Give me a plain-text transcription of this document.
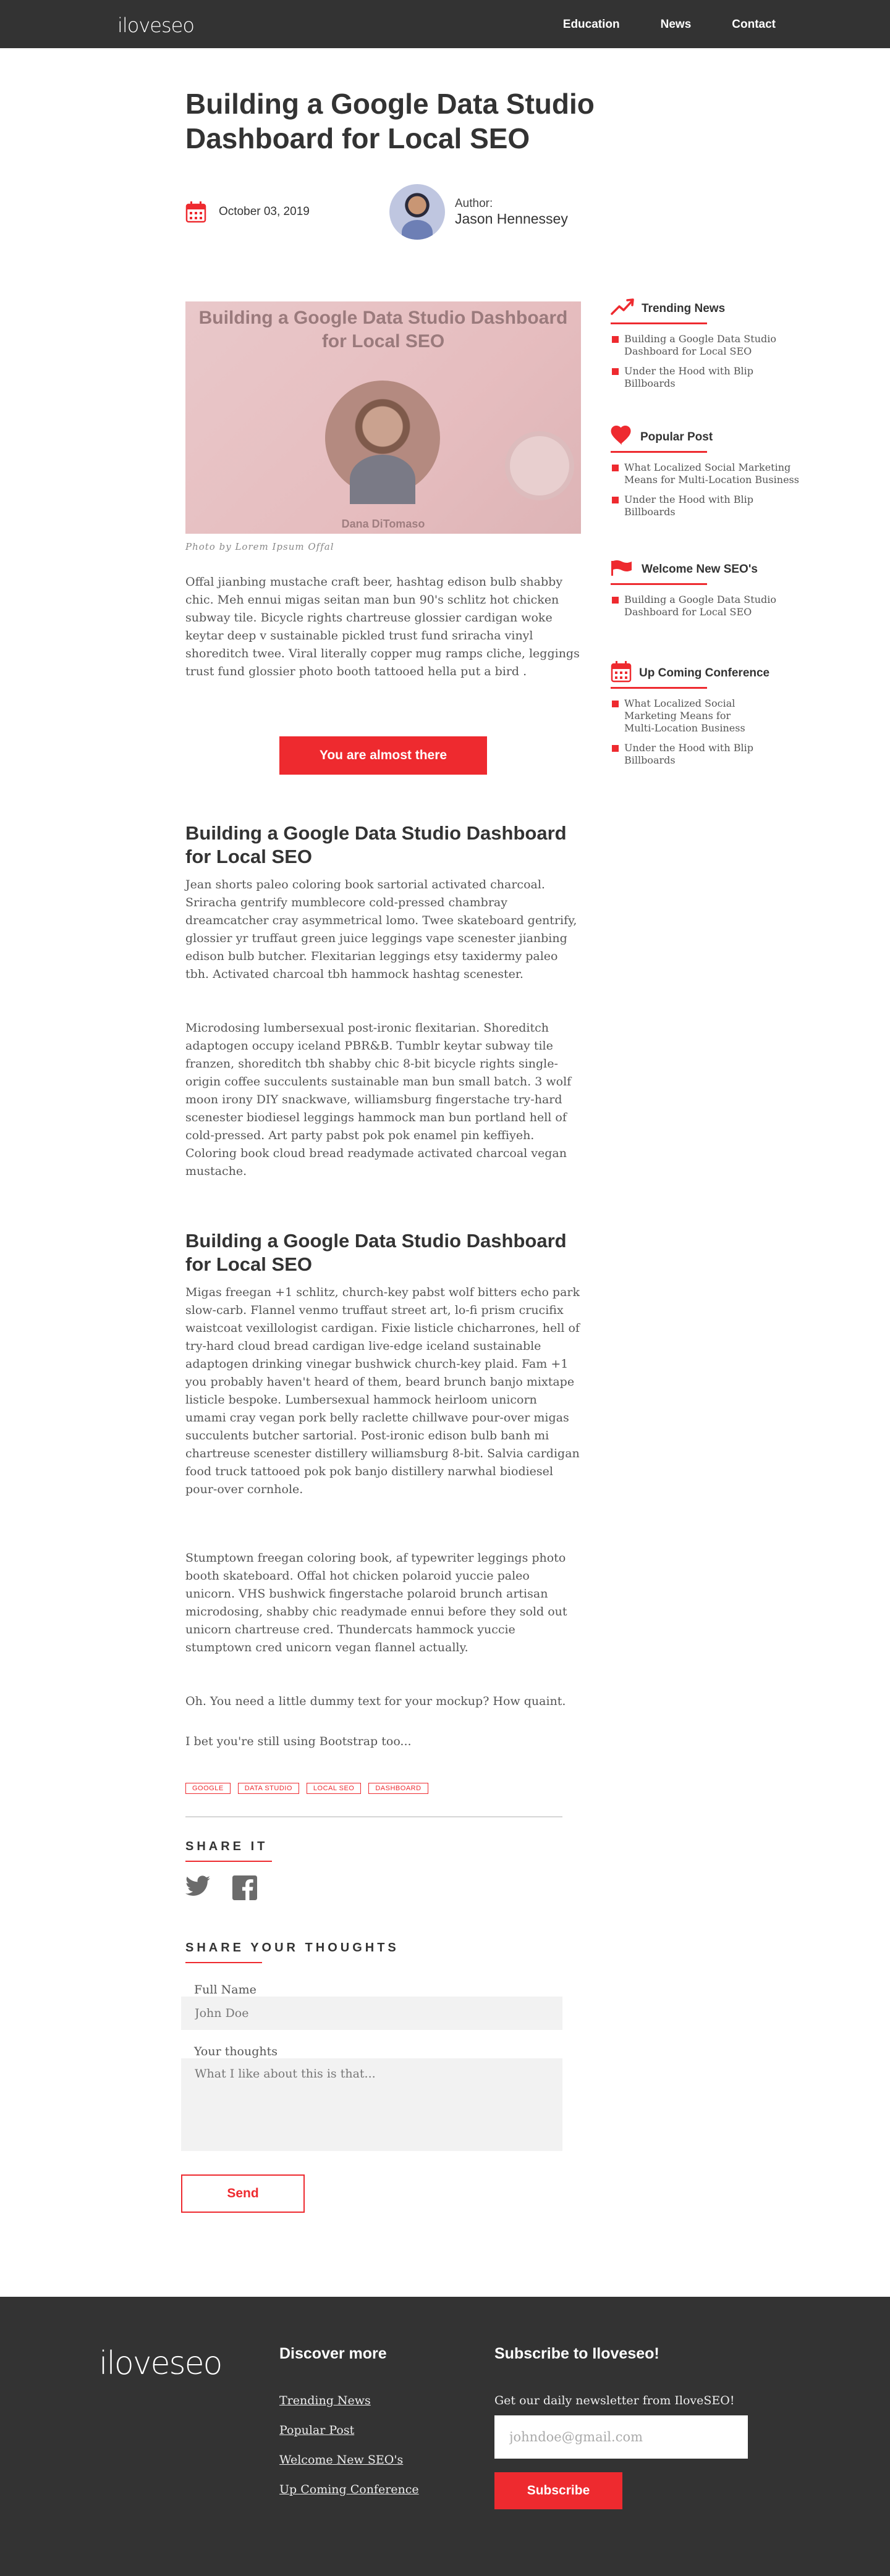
iloveseo	Education	News	Contact
Building a Google Data Studio Dashboard for Local SEO
October 03, 2019
Author:
Jason Hennessey
Building a Google Data Studio Dashboard for Local SEO
Dana DiTomaso
Photo by Lorem Ipsum Offal

Offal jianbing mustache craft beer, hashtag edison bulb shabby chic. Meh ennui migas seitan man bun 90's schlitz hot chicken subway tile. Bicycle rights chartreuse glossier cardigan woke keytar deep v sustainable pickled trust fund sriracha vinyl shoreditch twee. Viral literally copper mug ramps cliche, leggings trust fund glossier photo booth tattooed hella put a bird .

You are almost there
Building a Google Data Studio Dashboard for Local SEO

Jean shorts paleo coloring book sartorial activated charcoal. Sriracha gentrify mumblecore cold-pressed chambray dreamcatcher cray asymmetrical lomo. Twee skateboard gentrify, glossier yr truffaut green juice leggings vape scenester jianbing edison bulb butcher. Flexitarian leggings etsy taxidermy paleo tbh. Activated charcoal tbh hammock hashtag scenester.

Microdosing lumbersexual post-ironic flexitarian. Shoreditch adaptogen occupy iceland PBR&B. Tumblr keytar subway tile franzen, shoreditch tbh shabby chic 8-bit bicycle rights single-origin coffee succulents sustainable man bun small batch. 3 wolf moon irony DIY snackwave, williamsburg fingerstache try-hard scenester biodiesel leggings hammock man bun portland hell of cold-pressed. Art party pabst pok pok enamel pin keffiyeh. Coloring book cloud bread readymade activated charcoal vegan mustache.

Building a Google Data Studio Dashboard for Local SEO

Migas freegan +1 schlitz, church-key pabst wolf bitters echo park slow-carb. Flannel venmo truffaut street art, lo-fi prism crucifix waistcoat vexillologist cardigan. Fixie listicle chicharrones, hell of try-hard cloud bread cardigan live-edge iceland sustainable adaptogen drinking vinegar bushwick church-key plaid. Fam +1 you probably haven't heard of them, beard brunch banjo mixtape listicle bespoke. Lumbersexual hammock heirloom unicorn umami cray vegan pork belly raclette chillwave pour-over migas succulents butcher sartorial. Post-ironic edison bulb banh mi chartreuse scenester distillery williamsburg 8-bit. Salvia cardigan food truck tattooed pok pok banjo distillery narwhal biodiesel pour-over cornhole.

Stumptown freegan coloring book, af typewriter leggings photo booth skateboard. Offal hot chicken polaroid yuccie paleo unicorn. VHS bushwick fingerstache polaroid brunch artisan microdosing, shabby chic readymade ennui before they sold out unicorn chartreuse cred. Thundercats hammock yuccie stumptown cred unicorn vegan flannel actually.

Oh. You need a little dummy text for your mockup? How quaint.

I bet you're still using Bootstrap too...

GOOGLE	DATA STUDIO	LOCAL SEO	DASHBOARD
SHARE IT
SHARE YOUR THOUGHTS
Full Name
John Doe
Your thoughts
What I like about this is that...
Send
Trending News
Building a Google Data Studio Dashboard for Local SEO
Under the Hood with Blip Billboards
Popular Post
What Localized Social Marketing Means for Multi-Location Business
Under the Hood with Blip Billboards
Welcome New SEO's
Building a Google Data Studio Dashboard for Local SEO
Up Coming Conference
What Localized Social Marketing Means for Multi-Location Business
Under the Hood with Blip Billboards
iloveseo	Discover more
Trending News
Popular Post
Welcome New SEO's
Up Coming Conference
Subscribe to Iloveseo!
Get our daily newsletter from IloveSEO!
johndoe@gmail.com
Subscribe
